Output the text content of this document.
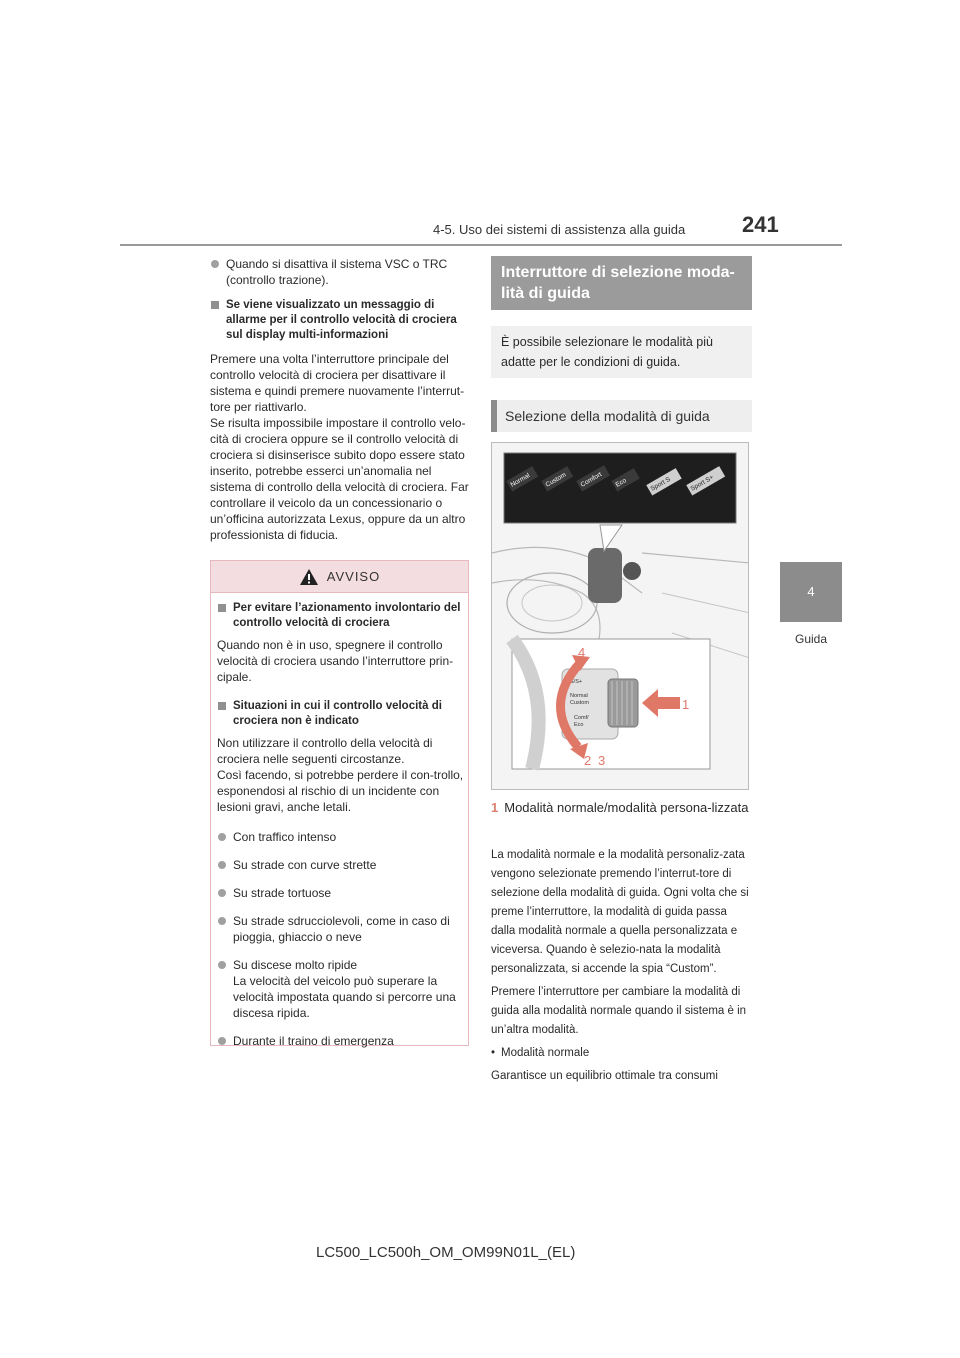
4-5. Uso dei sistemi di assistenza alla guida	241
4
Guida
Quando si disattiva il sistema VSC o TRC (controllo trazione).
Se viene visualizzato un messaggio di allarme per il controllo velocità di crociera sul display multi-informazioni
Premere una volta l’interruttore principale del controllo velocità di crociera per disattivare il sistema e quindi premere nuovamente l’interrut-tore per riattivarlo.
Se risulta impossibile impostare il controllo velo-cità di crociera oppure se il controllo velocità di crociera si disinserisce subito dopo essere stato inserito, potrebbe esserci un’anomalia nel sistema di controllo della velocità di crociera. Far controllare il veicolo da un concessionario o un’officina autorizzata Lexus, oppure da un altro professionista di fiducia.
AVVISO
Per evitare l’azionamento involontario del controllo velocità di crociera
Quando non è in uso, spegnere il controllo velocità di crociera usando l’interruttore prin-cipale.
Situazioni in cui il controllo velocità di crociera non è indicato
Non utilizzare il controllo della velocità di crociera nelle seguenti circostanze.
Così facendo, si potrebbe perdere il con-trollo, esponendosi al rischio di un incidente con lesioni gravi, anche letali.
Con traffico intenso
Su strade con curve strette
Su strade tortuose
Su strade sdrucciolevoli, come in caso di pioggia, ghiaccio o neve
Su discese molto ripide
La velocità del veicolo può superare la velocità impostata quando si percorre una discesa ripida.
Durante il traino di emergenza
Interruttore di selezione moda-lità di guida
È possibile selezionare le modalità più adatte per le condizioni di guida.
Selezione della modalità di guida
Normal Custom Comfort Eco	Sport S	Sport S+
S/S+
Normal
Custom
Comf/
Eco
4
1
2 3
1 Modalità normale/modalità persona-lizzata

La modalità normale e la modalità personaliz-zata vengono selezionate premendo l’interrut-tore di selezione della modalità di guida. Ogni volta che si preme l’interruttore, la modalità di guida passa dalla modalità normale a quella personalizzata e viceversa. Quando è selezio-nata la modalità personalizzata, si accende la spia “Custom”.

Premere l’interruttore per cambiare la modalità di guida alla modalità normale quando il sistema è in un’altra modalità.

• Modalità normale

Garantisce un equilibrio ottimale tra consumi

LC500_LC500h_OM_OM99N01L_(EL)
